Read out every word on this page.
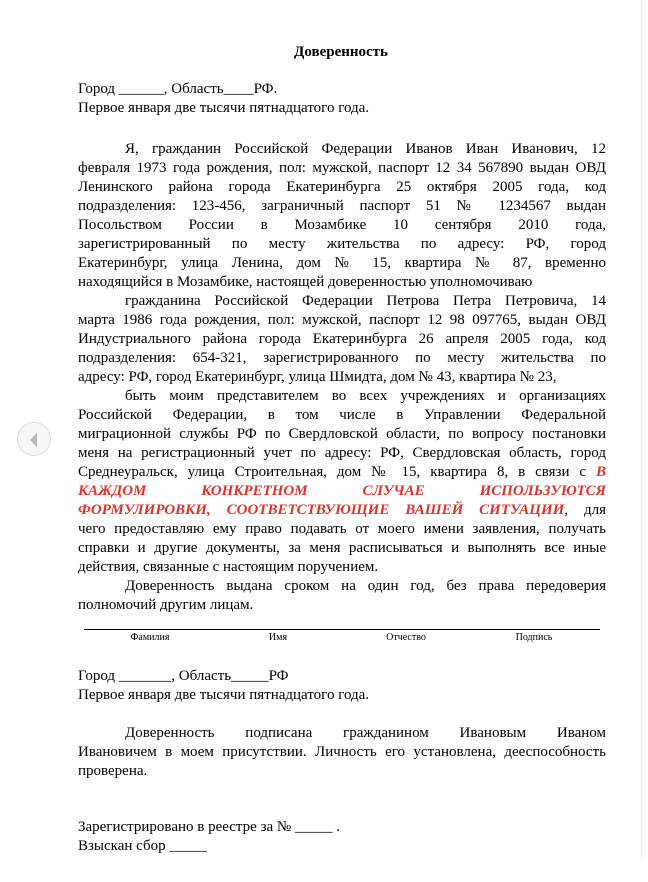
Доверенность
Город ______, Область____РФ.
Первое января две тысячи пятнадцатого года.
Я, гражданин Российской Федерации Иванов Иван Иванович, 12
февраля 1973 года рождения, пол: мужской, паспорт 12 34 567890 выдан ОВД
Ленинского района города Екатеринбурга 25 октября 2005 года, код
подразделения: 123-456, заграничный паспорт 51 № 1234567 выдан
Посольством России в Мозамбике 10 сентября 2010 года,
зарегистрированный по месту жительства по адресу: РФ, город
Екатеринбург, улица Ленина, дом № 15, квартира № 87, временно
находящийся в Мозамбике, настоящей доверенностью уполномочиваю
гражданина Российской Федерации Петрова Петра Петровича, 14
марта 1986 года рождения, пол: мужской, паспорт 12 98 097765, выдан ОВД
Индустриального района города Екатеринбурга 26 апреля 2005 года, код
подразделения: 654-321, зарегистрированного по месту жительства по
адресу: РФ, город Екатеринбург, улица Шмидта, дом № 43, квартира № 23,
быть моим представителем во всех учреждениях и организациях
Российской Федерации, в том числе в Управлении Федеральной
миграционной службы РФ по Свердловской области, по вопросу постановки
меня на регистрационный учет по адресу: РФ, Свердловская область, город
Среднеуральск, улица Строительная, дом № 15, квартира 8, в связи с В
КАЖДОМ КОНКРЕТНОМ СЛУЧАЕ ИСПОЛЬЗУЮТСЯ
ФОРМУЛИРОВКИ, СООТВЕТСТВУЮЩИЕ ВАШЕЙ СИТУАЦИИ, для
чего предоставляю ему право подавать от моего имени заявления, получать
справки и другие документы, за меня расписываться и выполнять все иные
действия, связанные с настоящим поручением.
Доверенность выдана сроком на один год, без права передоверия
полномочий другим лицам.
Фамилия	Имя	Отчество	Подпись
Город _______, Область_____РФ
Первое января две тысячи пятнадцатого года.
Доверенность подписана гражданином Ивановым Иваном
Ивановичем в моем присутствии. Личность его установлена, дееспособность
проверена.
Зарегистрировано в реестре за № _____ .
Взыскан сбор _____
